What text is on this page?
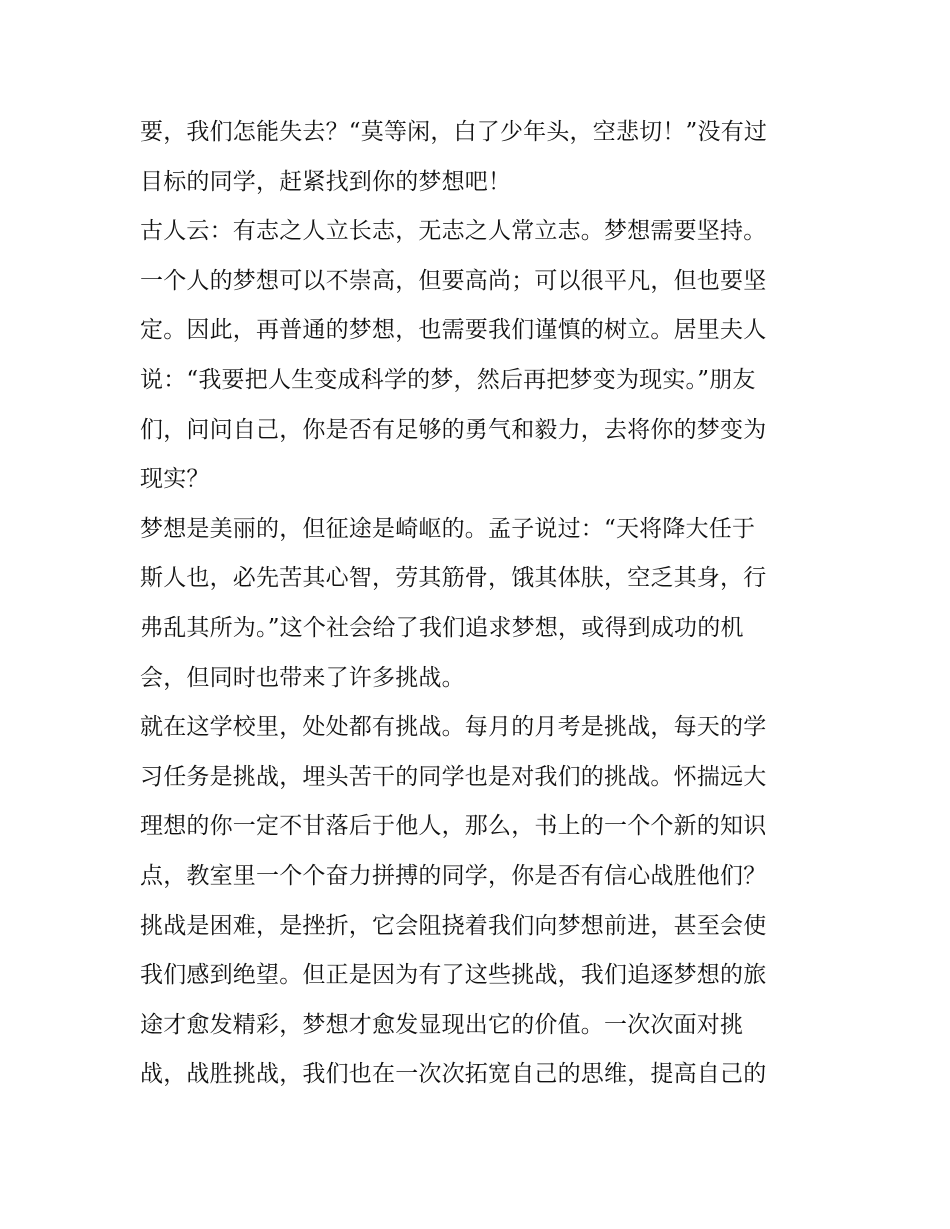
要，我们怎能失去？“莫等闲，白了少年头，空悲切！”没有过
目标的同学，赶紧找到你的梦想吧！
古人云：有志之人立长志，无志之人常立志。梦想需要坚持。
一个人的梦想可以不崇高，但要高尚；可以很平凡，但也要坚
定。因此，再普通的梦想，也需要我们谨慎的树立。居里夫人
说：“我要把人生变成科学的梦，然后再把梦变为现实。”朋友
们，问问自己，你是否有足够的勇气和毅力，去将你的梦变为
现实？
梦想是美丽的，但征途是崎岖的。孟子说过：“天将降大任于
斯人也，必先苦其心智，劳其筋骨，饿其体肤，空乏其身，行
弗乱其所为。”这个社会给了我们追求梦想，或得到成功的机
会，但同时也带来了许多挑战。
就在这学校里，处处都有挑战。每月的月考是挑战，每天的学
习任务是挑战，埋头苦干的同学也是对我们的挑战。怀揣远大
理想的你一定不甘落后于他人，那么，书上的一个个新的知识
点，教室里一个个奋力拼搏的同学，你是否有信心战胜他们？
挑战是困难，是挫折，它会阻挠着我们向梦想前进，甚至会使
我们感到绝望。但正是因为有了这些挑战，我们追逐梦想的旅
途才愈发精彩，梦想才愈发显现出它的价值。一次次面对挑
战，战胜挑战，我们也在一次次拓宽自己的思维，提高自己的
